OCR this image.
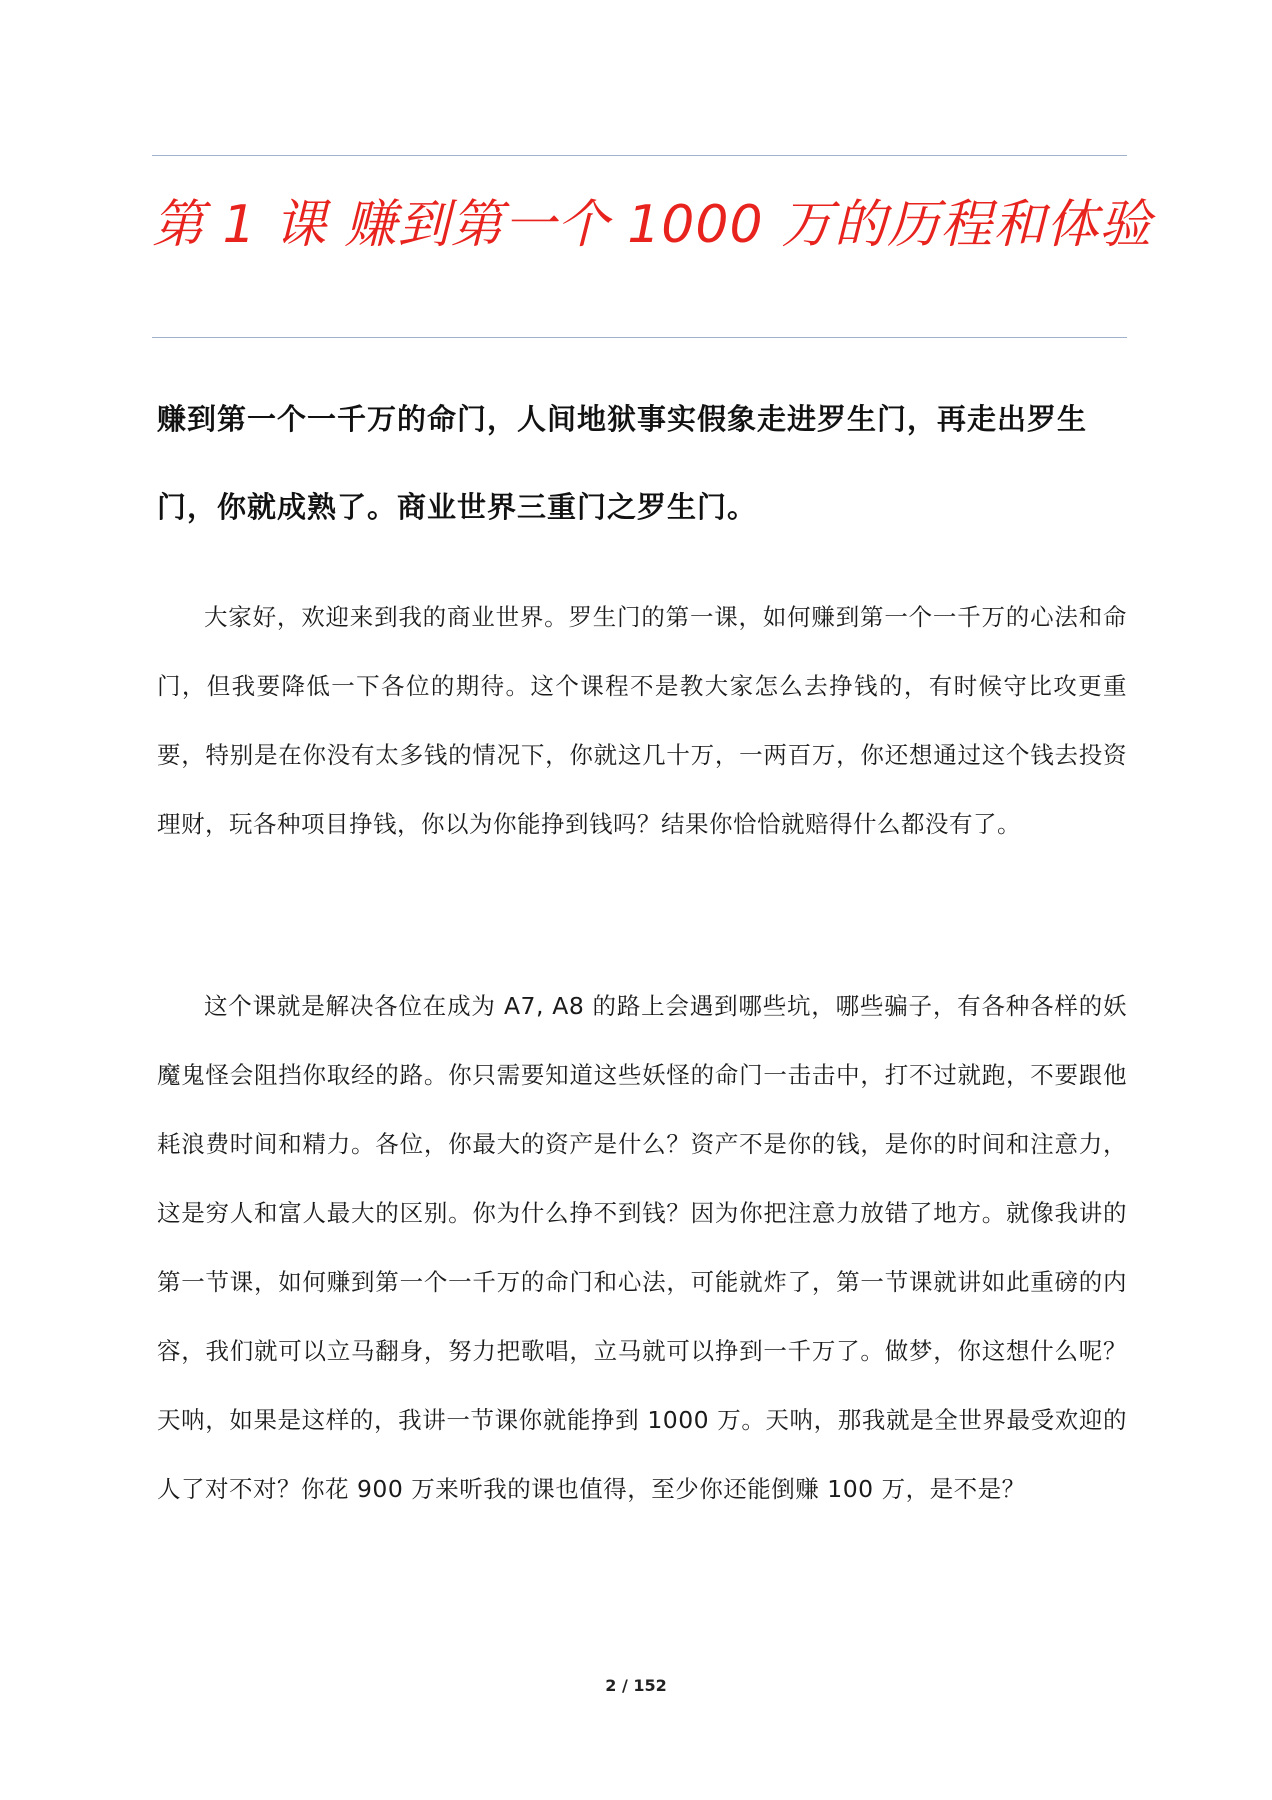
第 1 课 赚到第一个 1000 万的历程和体验
赚到第一个一千万的命门，人间地狱事实假象走进罗生门，再走出罗生门，你就成熟了。商业世界三重门之罗生门。

大家好，欢迎来到我的商业世界。罗生门的第一课，如何赚到第一个一千万的心法和命门，但我要降低一下各位的期待。这个课程不是教大家怎么去挣钱的，有时候守比攻更重要，特别是在你没有太多钱的情况下，你就这几十万，一两百万，你还想通过这个钱去投资理财，玩各种项目挣钱，你以为你能挣到钱吗？结果你恰恰就赔得什么都没有了。

这个课就是解决各位在成为 A7, A8 的路上会遇到哪些坑，哪些骗子，有各种各样的妖魔鬼怪会阻挡你取经的路。你只需要知道这些妖怪的命门一击击中，打不过就跑，不要跟他耗浪费时间和精力。各位，你最大的资产是什么？资产不是你的钱，是你的时间和注意力，这是穷人和富人最大的区别。你为什么挣不到钱？因为你把注意力放错了地方。就像我讲的第一节课，如何赚到第一个一千万的命门和心法，可能就炸了，第一节课就讲如此重磅的内容，我们就可以立马翻身，努力把歌唱，立马就可以挣到一千万了。做梦，你这想什么呢？天呐，如果是这样的，我讲一节课你就能挣到 1000 万。天呐，那我就是全世界最受欢迎的人了对不对？你花 900 万来听我的课也值得，至少你还能倒赚 100 万，是不是？

2 / 152
